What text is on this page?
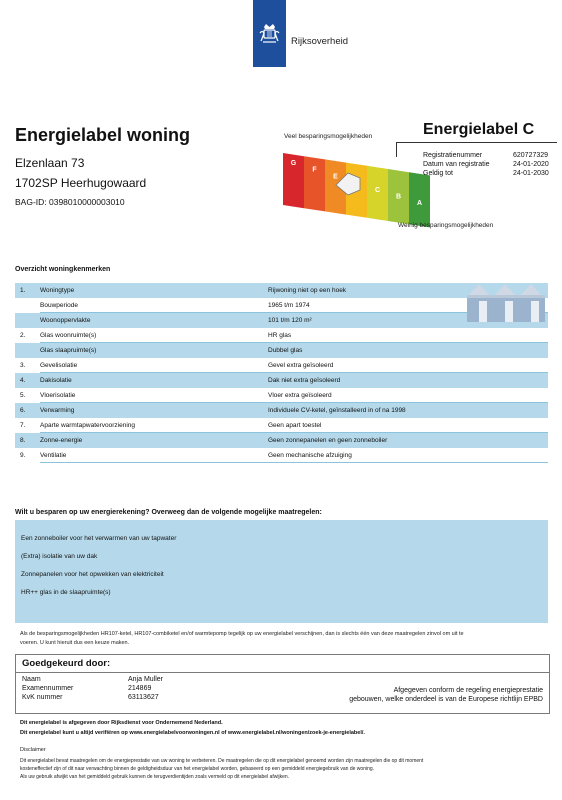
Rijksoverheid
Energielabel woning
Elzenlaan 73
1702SP Heerhugowaard
BAG-ID: 0398010000003010
Veel besparingsmogelijkheden
G
F
E
C
B
A
Weinig besparingsmogelijkheden
Energielabel C
Registratienummer	620727329
Datum van registratie	24-01-2020
Geldig tot	24-01-2030
Overzicht woningkenmerken
1. Woningtype	Rijwoning niet op een hoek
Bouwperiode	1965 t/m 1974
Woonoppervlakte	101 t/m 120 m²
2. Glas woonruimte(s)	HR glas
Glas slaapruimte(s)	Dubbel glas
3. Gevelisolatie	Gevel extra geïsoleerd
4. Dakisolatie	Dak niet extra geïsoleerd
5. Vloerisolatie	Vloer extra geïsoleerd
6. Verwarming	Individuele CV-ketel, geïnstalleerd in of na 1998
7. Aparte warmtapwatervoorziening	Geen apart toestel
8. Zonne-energie	Geen zonnepanelen en geen zonneboiler
9. Ventilatie	Geen mechanische afzuiging
Wilt u besparen op uw energierekening? Overweeg dan de volgende mogelijke maatregelen:
Een zonneboiler voor het verwarmen van uw tapwater
(Extra) isolatie van uw dak
Zonnepanelen voor het opwekken van elektriciteit
HR++ glas in de slaapruimte(s)
Als de besparingsmogelijkheden HR107-ketel, HR107-combiketel en/of warmtepomp tegelijk op uw energielabel verschijnen, dan is slechts één van deze maatregelen zinvol om uit te
voeren. U kunt hieruit dus een keuze maken.
Goedgekeurd door:
Naam	Anja Muller
Examennummer	214869
KvK nummer	63113627
Afgegeven conform de regeling energieprestatie
gebouwen, welke onderdeel is van de Europese richtlijn EPBD
Dit energielabel is afgegeven door Rijksdienst voor Ondernemend Nederland.
Dit energielabel kunt u altijd verifiëren op www.energielabelvoorwoningen.nl of www.energielabel.nl/woningen/zoek-je-energielabel/.
Disclaimer
Dit energielabel bevat maatregelen om de energieprestatie van uw woning te verbeteren. De maatregelen die op dit energielabel genoemd worden zijn maatregelen die op dit moment
kosteneffectief zijn of dit naar verwachting binnen de geldigheidsduur van het energielabel worden, gebaseerd op een gemiddeld energiegebruik van de woning.
Als uw gebruik afwijkt van het gemiddeld gebruik kunnen de terugverdientijden zoals vermeld op dit energielabel afwijken.
